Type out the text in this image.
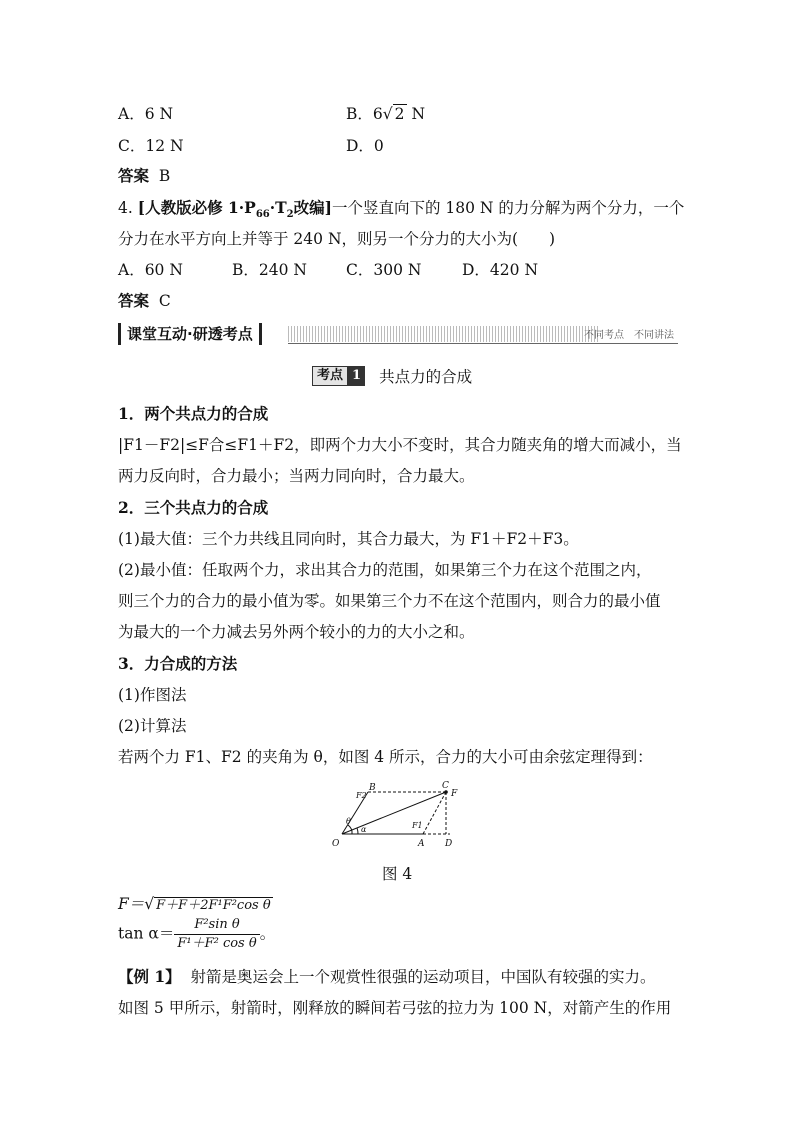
A．6 N	B．6√ 2 N
C．12 N	D．0
答案 B
4. [人教版必修 $1\cdot P_{66}\cdot T_2$改编]一个竖直向下的 180 N 的力分解为两个分力，一个
分力在水平方向上并等于 240 N，则另一个分力的大小为(　　)
A．60 N	B．240 N	C．300 N	D．420 N
答案 C
课堂互动·研透考点	不同考点　不同讲法
考点 1 共点力的合成
1．两个共点力的合成
|F1－F2|≤F合≤F1＋F2，即两个力大小不变时，其合力随夹角的增大而减小，当
两力反向时，合力最小；当两力同向时，合力最大。
2．三个共点力的合成
(1)最大值：三个力共线且同向时，其合力最大，为 F1＋F2＋F3。
(2)最小值：任取两个力，求出其合力的范围，如果第三个力在这个范围之内，
则三个力的合力的最小值为零。如果第三个力不在这个范围内，则合力的最小值
为最大的一个力减去另外两个较小的力的大小之和。
3．力合成的方法
(1)作图法
(2)计算法
若两个力 F1、F2 的夹角为 θ，如图 4 所示，合力的大小可由余弦定理得到：
O	A
B	C
D
F
F2
F1
θ
α
图 4
F＝√ F＋F＋2F¹F²cos θ
$\tan \alpha= \frac{\text{F²sin θ}}{\text{F¹＋F² cos θ}}$ 。
【例 1】 射箭是奥运会上一个观赏性很强的运动项目，中国队有较强的实力。
如图 5 甲所示，射箭时，刚释放的瞬间若弓弦的拉力为 100 N，对箭产生的作用
